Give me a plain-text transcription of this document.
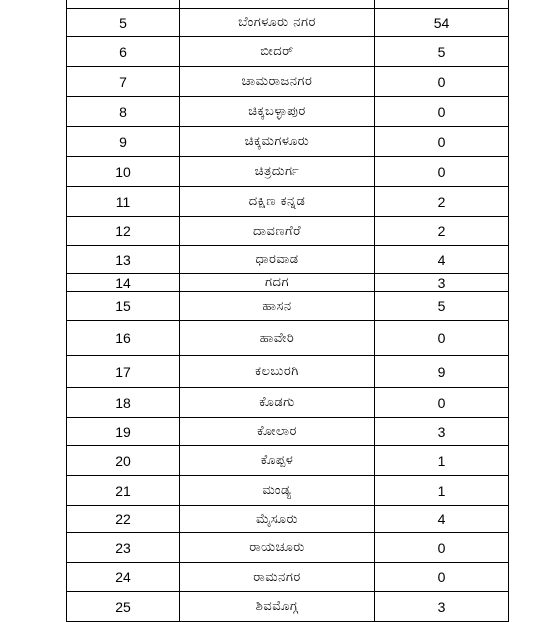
5	ಬೆಂಗಳೂರು ನಗರ	54
6	ಬೀದರ್	5
7	ಚಾಮರಾಜನಗರ	0
8	ಚಿಕ್ಕಬಳ್ಳಾಪುರ	0
9	ಚಿಕ್ಕಮಗಳೂರು	0
10	ಚಿತ್ರದುರ್ಗ	0
11	ದಕ್ಷಿಣ ಕನ್ನಡ	2
12	ದಾವಣಗೆರೆ	2
13	ಧಾರವಾಡ	4
14	ಗದಗ	3
15	ಹಾಸನ	5
16	ಹಾವೇರಿ	0
17	ಕಲಬುರಗಿ	9
18	ಕೊಡಗು	0
19	ಕೋಲಾರ	3
20	ಕೊಪ್ಪಳ	1
21	ಮಂಡ್ಯ	1
22	ಮೈಸೂರು	4
23	ರಾಯಚೂರು	0
24	ರಾಮನಗರ	0
25	ಶಿವಮೊಗ್ಗ	3
